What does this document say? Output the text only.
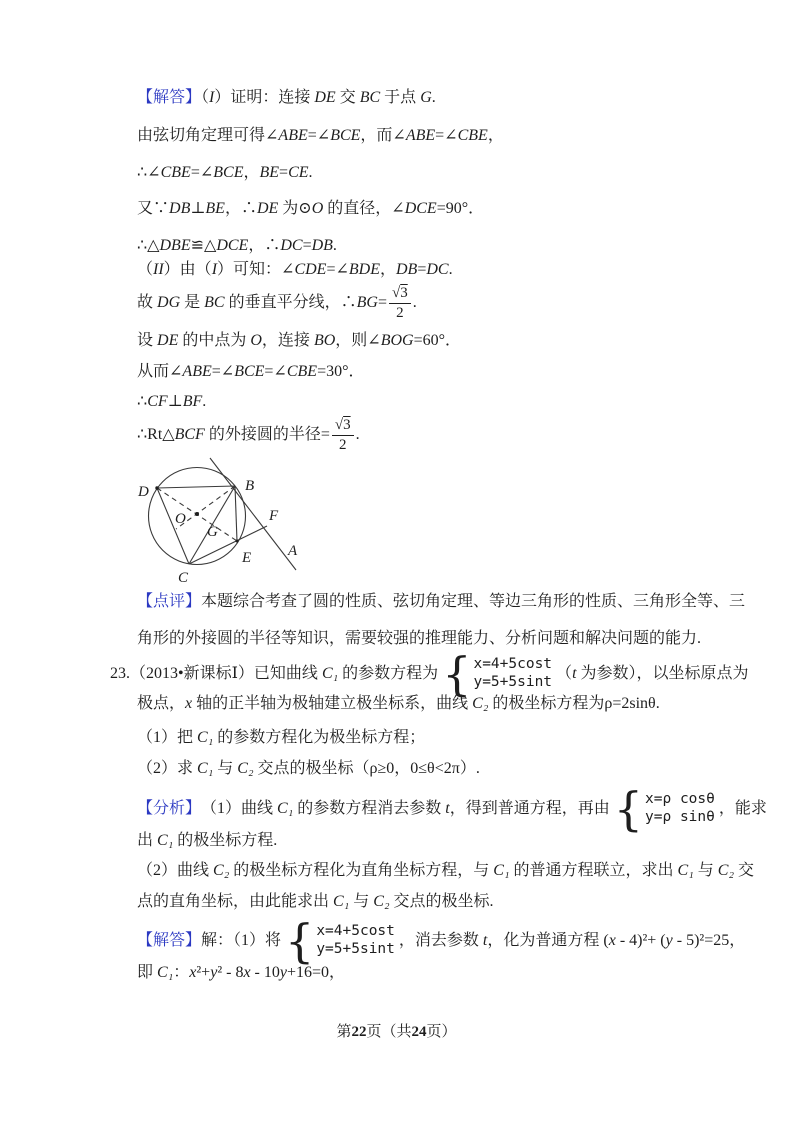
【解答】（I）证明：连接 DE 交 BC 于点 G.
由弦切角定理可得∠ABE=∠BCE，而∠ABE=∠CBE，
∴∠CBE=∠BCE，BE=CE.
又∵DB⊥BE，∴DE 为⊙O 的直径，∠DCE=90°．
∴△DBE≌△DCE，∴DC=DB.
（II）由（I）可知：∠CDE=∠BDE，DB=DC.
故 DG 是 BC 的垂直平分线，∴BG= $\frac{√3}{2}$ .
设 DE 的中点为 O，连接 BO，则∠BOG=60°．
从而∠ABE=∠BCE=∠CBE=30°．
∴CF⊥BF.
∴Rt△BCF 的外接圆的半径= $\frac{√3}{2}$ .
D	B
O
G
E
C
F
A
【点评】本题综合考查了圆的性质、弦切角定理、等边三角形的性质、三角形全等、三
角形的外接圆的半径等知识，需要较强的推理能力、分析问题和解决问题的能力.
23.（2013•新课标Ⅰ）已知曲线 C₁ 的参数方程为
{ x=4+5cost
y=5+5sint
（t 为参数），以坐标原点为
极点，x 轴的正半轴为极轴建立极坐标系，曲线 C₂ 的极坐标方程为ρ=2sinθ.
（1）把 C₁ 的参数方程化为极坐标方程；
（2）求 C₁ 与 C₂ 交点的极坐标（ρ≥0，0≤θ<2π）.
【分析】 （1）曲线 C₁ 的参数方程消去参数 t，得到普通方程，再由
{ x=ρ cosθ
y=ρ sinθ
，能求
出 C₁ 的极坐标方程.
（2）曲线 C₂ 的极坐标方程化为直角坐标方程，与 C₁ 的普通方程联立，求出 C₁ 与 C₂ 交
点的直角坐标，由此能求出 C₁ 与 C₂ 交点的极坐标.
【解答】 解：（1）将
{ x=4+5cost
y=5+5sint
，消去参数 t，化为普通方程 (x - 4)²+ (y - 5)²=25，
即 C₁：x²+y² - 8x - 10y+16=0，
第22页（共24页）
